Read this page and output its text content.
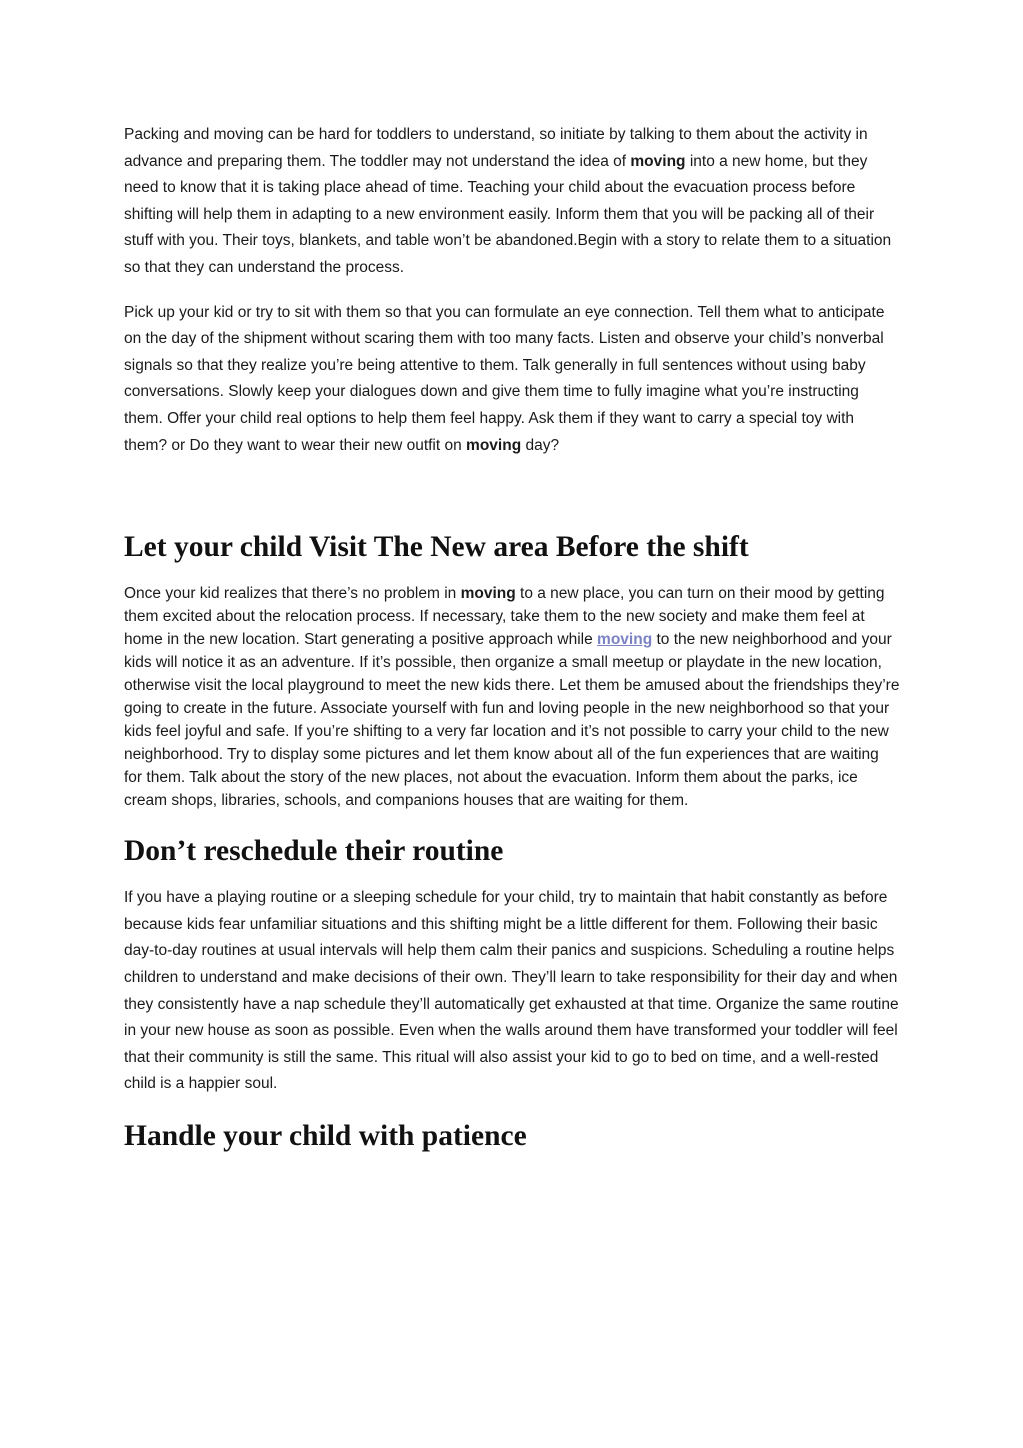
Packing and moving can be hard for toddlers to understand, so initiate by talking to them about the activity in advance and preparing them. The toddler may not understand the idea of moving into a new home, but they need to know that it is taking place ahead of time. Teaching your child about the evacuation process before shifting will help them in adapting to a new environment easily. Inform them that you will be packing all of their stuff with you. Their toys, blankets, and table won’t be abandoned.Begin with a story to relate them to a situation so that they can understand the process.

Pick up your kid or try to sit with them so that you can formulate an eye connection. Tell them what to anticipate on the day of the shipment without scaring them with too many facts. Listen and observe your child’s nonverbal signals so that they realize you’re being attentive to them. Talk generally in full sentences without using baby conversations. Slowly keep your dialogues down and give them time to fully imagine what you’re instructing them. Offer your child real options to help them feel happy. Ask them if they want to carry a special toy with them? or Do they want to wear their new outfit on moving day?

Let your child Visit The New area Before the shift

Once your kid realizes that there’s no problem in moving to a new place, you can turn on their mood by getting them excited about the relocation process. If necessary, take them to the new society and make them feel at home in the new location. Start generating a positive approach while moving to the new neighborhood and your kids will notice it as an adventure. If it’s possible, then organize a small meetup or playdate in the new location, otherwise visit the local playground to meet the new kids there. Let them be amused about the friendships they’re going to create in the future. Associate yourself with fun and loving people in the new neighborhood so that your kids feel joyful and safe. If you’re shifting to a very far location and it’s not possible to carry your child to the new neighborhood. Try to display some pictures and let them know about all of the fun experiences that are waiting for them. Talk about the story of the new places, not about the evacuation. Inform them about the parks, ice cream shops, libraries, schools, and companions houses that are waiting for them.

Don’t reschedule their routine

If you have a playing routine or a sleeping schedule for your child, try to maintain that habit constantly as before because kids fear unfamiliar situations and this shifting might be a little different for them. Following their basic day-to-day routines at usual intervals will help them calm their panics and suspicions. Scheduling a routine helps children to understand and make decisions of their own. They’ll learn to take responsibility for their day and when they consistently have a nap schedule they’ll automatically get exhausted at that time. Organize the same routine in your new house as soon as possible. Even when the walls around them have transformed your toddler will feel that their community is still the same. This ritual will also assist your kid to go to bed on time, and a well-rested child is a happier soul.

Handle your child with patience
